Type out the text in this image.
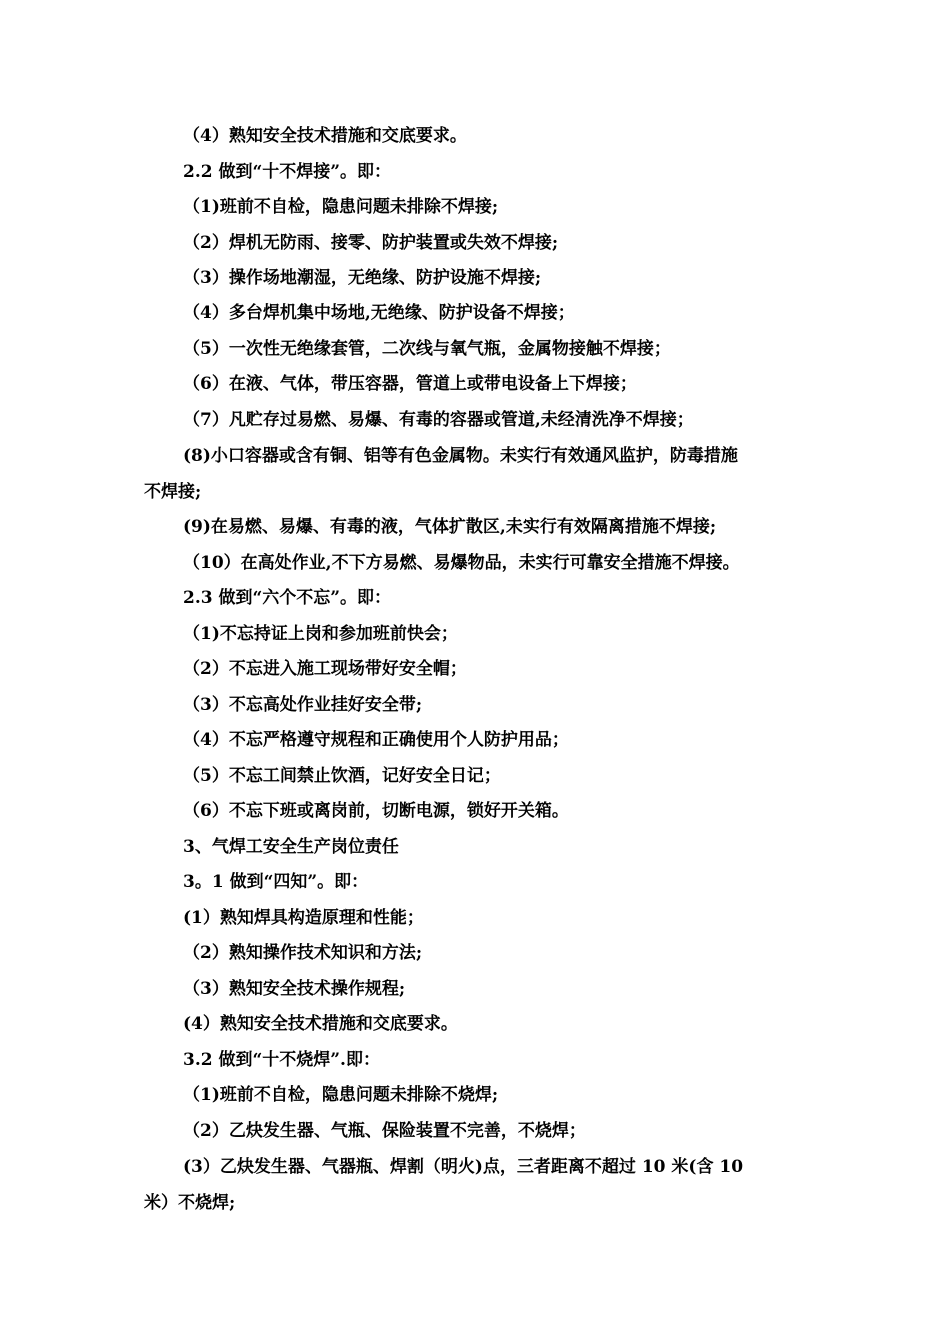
（4）熟知安全技术措施和交底要求。
2.2 做到“十不焊接”。即：
（1)班前不自检，隐患问题未排除不焊接;
（2）焊机无防雨、接零、防护装置或失效不焊接;
（3）操作场地潮湿，无绝缘、防护设施不焊接;
（4）多台焊机集中场地,无绝缘、防护设备不焊接；
（5）一次性无绝缘套管，二次线与氧气瓶，金属物接触不焊接；
（6）在液、气体，带压容器，管道上或带电设备上下焊接；
（7）凡贮存过易燃、易爆、有毒的容器或管道,未经清洗净不焊接；
(8)小口容器或含有铜、铝等有色金属物。未实行有效通风监护，防毒措施
不焊接;
(9)在易燃、易爆、有毒的液，气体扩散区,未实行有效隔离措施不焊接;
（10）在高处作业,不下方易燃、易爆物品，未实行可靠安全措施不焊接。
2.3 做到“六个不忘”。即：
（1)不忘持证上岗和参加班前快会；
（2）不忘进入施工现场带好安全帽；
（3）不忘高处作业挂好安全带;
（4）不忘严格遵守规程和正确使用个人防护用品；
（5）不忘工间禁止饮酒，记好安全日记；
（6）不忘下班或离岗前，切断电源，锁好开关箱。
3、气焊工安全生产岗位责任
3。1 做到“四知”。即：
(1）熟知焊具构造原理和性能；
（2）熟知操作技术知识和方法;
（3）熟知安全技术操作规程;
(4）熟知安全技术措施和交底要求。
3.2 做到“十不烧焊”.即：
（1)班前不自检，隐患问题未排除不烧焊;
（2）乙炔发生器、气瓶、保险装置不完善，不烧焊；
(3）乙炔发生器、气器瓶、焊割（明火)点，三者距离不超过 10 米(含 10
米）不烧焊;
